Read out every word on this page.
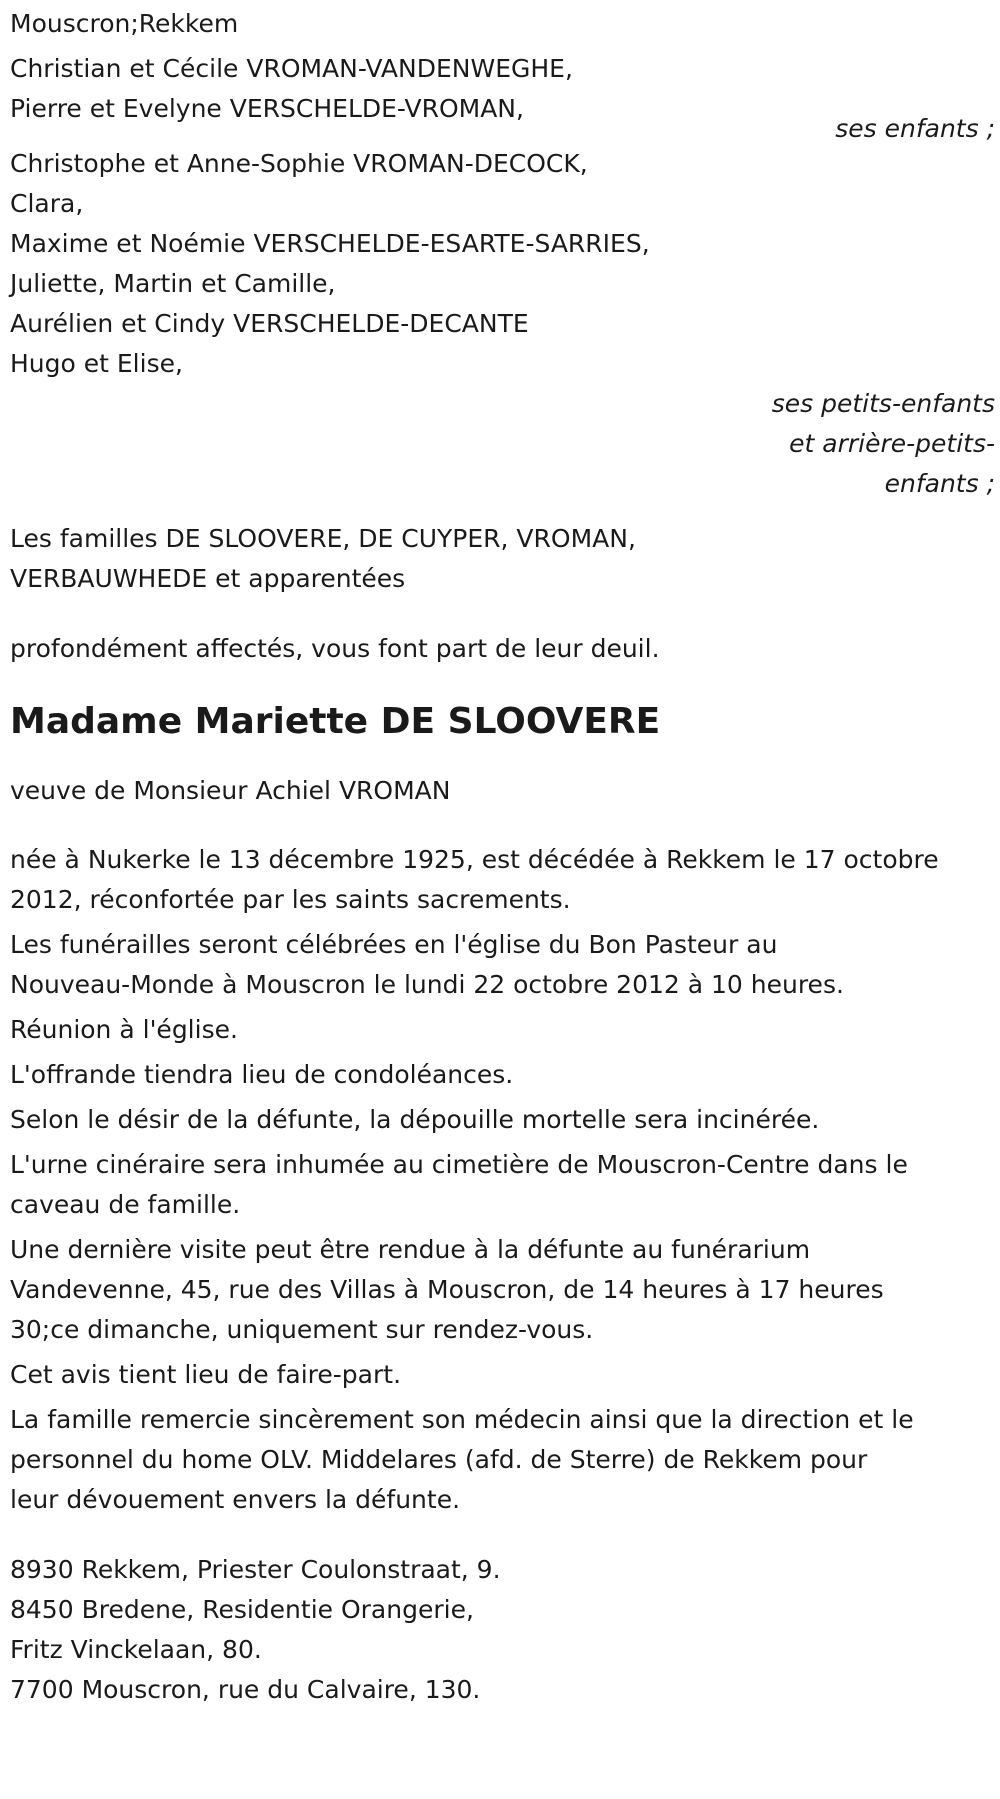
Mouscron;Rekkem
Christian et Cécile VROMAN-VANDENWEGHE,
Pierre et Evelyne VERSCHELDE-VROMAN,
ses enfants ;
Christophe et Anne-Sophie VROMAN-DECOCK,
Clara,
Maxime et Noémie VERSCHELDE-ESARTE-SARRIES,
Juliette, Martin et Camille,
Aurélien et Cindy VERSCHELDE-DECANTE
Hugo et Elise,
ses petits-enfants
et arrière-petits-
enfants ;
Les familles DE SLOOVERE, DE CUYPER, VROMAN,
VERBAUWHEDE et apparentées

profondément affectés, vous font part de leur deuil.

Madame Mariette DE SLOOVERE

veuve de Monsieur Achiel VROMAN

née à Nukerke le 13 décembre 1925, est décédée à Rekkem le 17 octobre
2012, réconfortée par les saints sacrements.
Les funérailles seront célébrées en l'église du Bon Pasteur au
Nouveau-Monde à Mouscron le lundi 22 octobre 2012 à 10 heures.
Réunion à l'église.
L'offrande tiendra lieu de condoléances.
Selon le désir de la défunte, la dépouille mortelle sera incinérée.
L'urne cinéraire sera inhumée au cimetière de Mouscron-Centre dans le
caveau de famille.
Une dernière visite peut être rendue à la défunte au funérarium
Vandevenne, 45, rue des Villas à Mouscron, de 14 heures à 17 heures
30;ce dimanche, uniquement sur rendez-vous.
Cet avis tient lieu de faire-part.
La famille remercie sincèrement son médecin ainsi que la direction et le
personnel du home OLV. Middelares (afd. de Sterre) de Rekkem pour
leur dévouement envers la défunte.
8930 Rekkem, Priester Coulonstraat, 9.
8450 Bredene, Residentie Orangerie,
Fritz Vinckelaan, 80.
7700 Mouscron, rue du Calvaire, 130.
